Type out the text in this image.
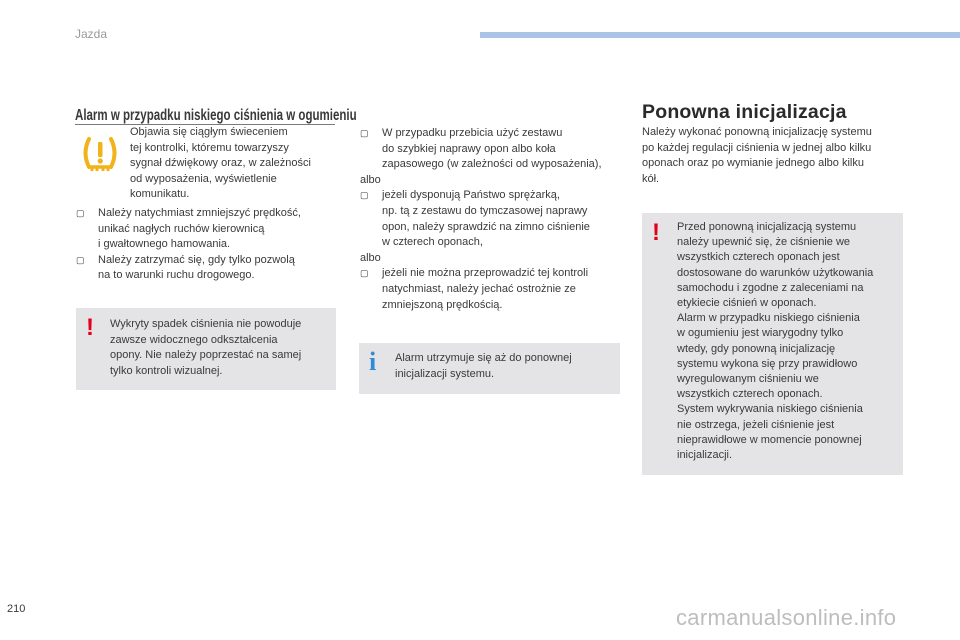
Jazda
Alarm w przypadku niskiego ciśnienia w ogumieniu

Objawia się ciągłym świeceniem

tej kontrolki, któremu towarzyszy

sygnał dźwiękowy oraz, w zależności

od wyposażenia, wyświetlenie

komunikatu.

▢ Należy natychmiast zmniejszyć prędkość,

unikać nagłych ruchów kierownicą

i gwałtownego hamowania.

▢ Należy zatrzymać się, gdy tylko pozwolą

na to warunki ruchu drogowego.

! Wykryty spadek ciśnienia nie powoduje

zawsze widocznego odkształcenia

opony. Nie należy poprzestać na samej

tylko kontroli wizualnej.

▢ W przypadku przebicia użyć zestawu

do szybkiej naprawy opon albo koła

zapasowego (w zależności od wyposażenia),

albo

▢ jeżeli dysponują Państwo sprężarką,

np. tą z zestawu do tymczasowej naprawy

opon, należy sprawdzić na zimno ciśnienie

w czterech oponach,

albo

▢ jeżeli nie można przeprowadzić tej kontroli

natychmiast, należy jechać ostrożnie ze

zmniejszoną prędkością.

i Alarm utrzymuje się aż do ponownej

inicjalizacji systemu.

Ponowna inicjalizacja

Należy wykonać ponowną inicjalizację systemu

po każdej regulacji ciśnienia w jednej albo kilku

oponach oraz po wymianie jednego albo kilku

kół.

! Przed ponowną inicjalizacją systemu

należy upewnić się, że ciśnienie we

wszystkich czterech oponach jest

dostosowane do warunków użytkowania

samochodu i zgodne z zaleceniami na

etykiecie ciśnień w oponach.

Alarm w przypadku niskiego ciśnienia

w ogumieniu jest wiarygodny tylko

wtedy, gdy ponowną inicjalizację

systemu wykona się przy prawidłowo

wyregulowanym ciśnieniu we

wszystkich czterech oponach.

System wykrywania niskiego ciśnienia

nie ostrzega, jeżeli ciśnienie jest

nieprawidłowe w momencie ponownej

inicjalizacji.

210	carmanualsonline.info
